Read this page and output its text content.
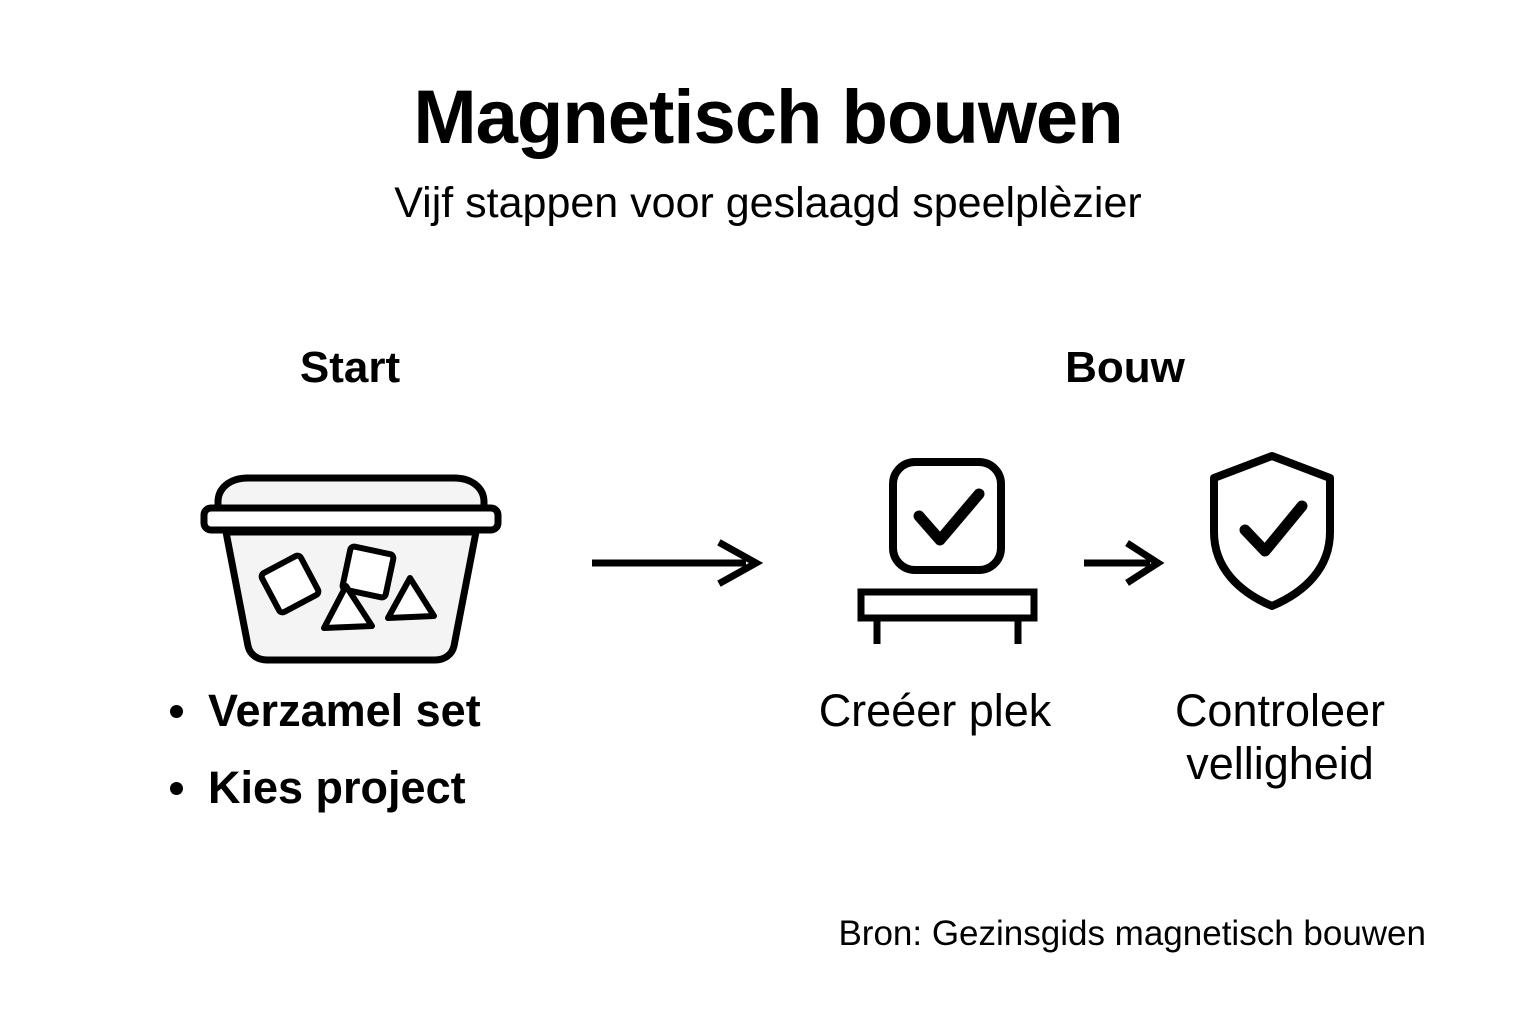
Magnetisch bouwen

Vijf stappen voor geslaagd speelplèzier

Start	Bouw
Verzamel set
Kies project
Creéer plek	Controleer velligheid
Bron: Gezinsgids magnetisch bouwen
